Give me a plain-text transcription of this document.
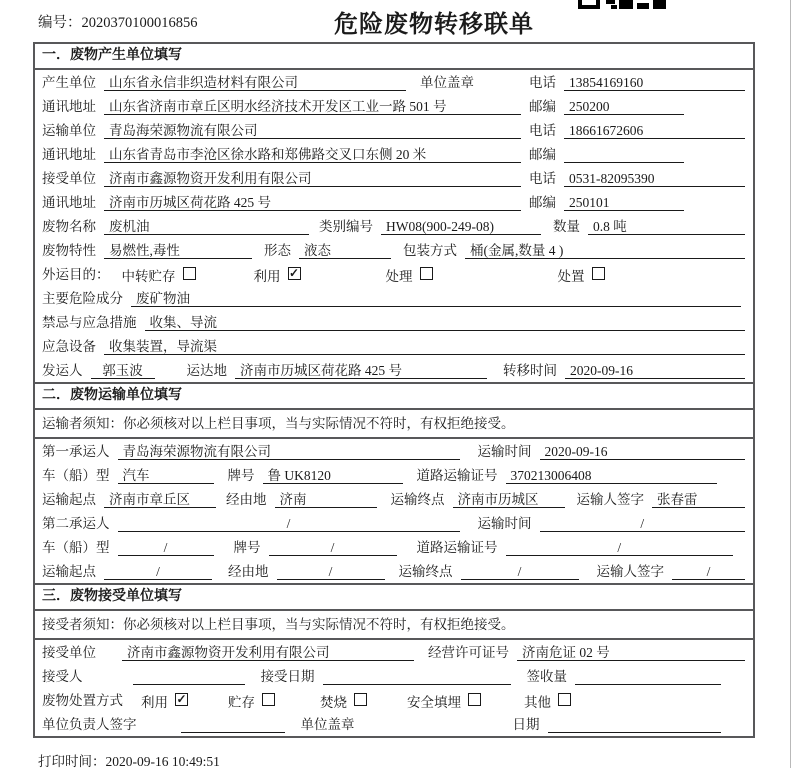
编号：2020370100016856	危险废物转移联单
一．废物产生单位填写
产生单位 山东省永信非织造材料有限公司	单位盖章	电话 13854169160
通讯地址 山东省济南市章丘区明水经济技术开发区工业一路 501 号	邮编 250200
运输单位 青岛海荣源物流有限公司	电话 18661672606
通讯地址 山东省青岛市李沧区徐水路和郑佛路交叉口东侧 20 米	邮编
接受单位 济南市鑫源物资开发利用有限公司	电话 0531-82095390
通讯地址 济南市历城区荷花路 425 号	邮编 250101
废物名称 废机油	类别编号 HW08(900-249-08)	数量 0.8 吨
废物特性 易燃性,毒性	形态 液态	包装方式 桶(金属,数量 4 )
外运目的： 中转贮存	利用 ✓	处理	处置
主要危险成分 废矿物油
禁忌与应急措施 收集、导流
应急设备 收集装置，导流渠
发运人	郭玉波	运达地 济南市历城区荷花路 425 号	转移时间 2020-09-16
二．废物运输单位填写
运输者须知：你必须核对以上栏目事项，当与实际情况不符时，有权拒绝接受。
第一承运人 青岛海荣源物流有限公司	运输时间 2020-09-16
车（船）型 汽车	牌号 鲁 UK8120	道路运输证号 370213006408
运输起点 济南市章丘区	经由地 济南	运输终点 济南市历城区	运输人签字 张春雷
第二承运人	/	运输时间	/
车（船）型	/	牌号	/	道路运输证号	/
运输起点	/	经由地	/	运输终点	/	运输人签字	/
三．废物接受单位填写
接受者须知：你必须核对以上栏目事项，当与实际情况不符时，有权拒绝接受。
接受单位	济南市鑫源物资开发利用有限公司	经营许可证号 济南危证 02 号
接受人	接受日期	签收量
废物处置方式 利用 ✓	贮存	焚烧	安全填埋	其他
单位负责人签字	单位盖章	日期
打印时间：2020-09-16 10:49:51
